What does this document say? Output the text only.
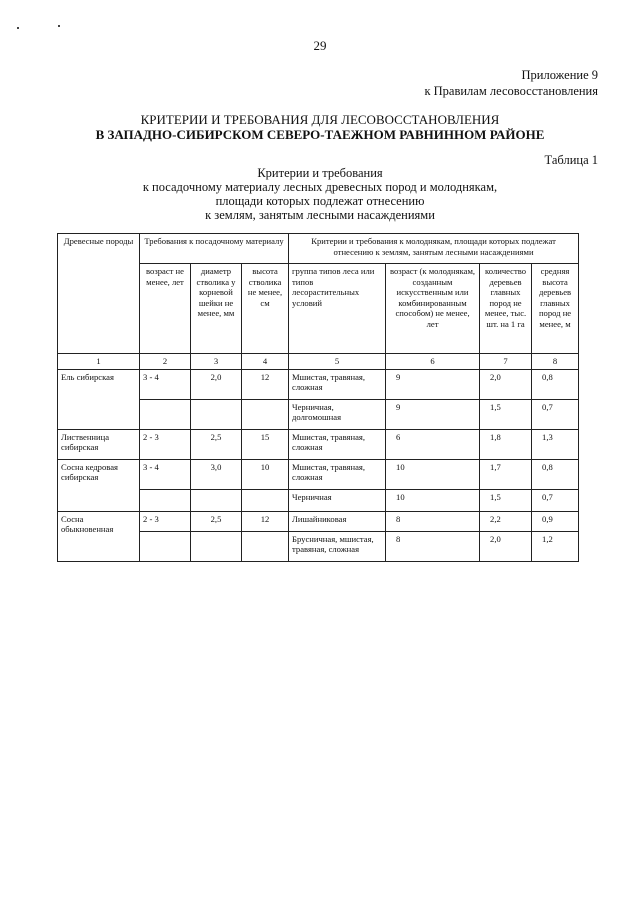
29
Приложение 9
к Правилам лесовосстановления
КРИТЕРИИ И ТРЕБОВАНИЯ ДЛЯ ЛЕСОВОССТАНОВЛЕНИЯ
В ЗАПАДНО-СИБИРСКОМ СЕВЕРО-ТАЕЖНОМ РАВНИННОМ РАЙОНЕ
Таблица 1
Критерии и требования
к посадочному материалу лесных древесных пород и молоднякам,
площади которых подлежат отнесению
к землям, занятым лесными насаждениями
Древесные породы	Требования к посадочному материалу			Критерии и требования к молоднякам, площади которых подлежат отнесению к землям, занятым лесными насаждениями			
	возраст не менее, лет	диаметр стволика у корневой шейки не менее, мм	высота стволика не менее, см	группа типов леса или типов лесорастительных условий	возраст (к молоднякам, созданным искусственным или комбинированным способом) не менее, лет	количество деревьев главных пород не менее, тыс. шт. на 1 га	средняя высота деревьев главных пород не менее, м
1	2	3	4	5	6	7	8
Ель сибирская	3 - 4	2,0	12	Мшистая, травяная, сложная	9	2,0	0,8
				Черничная, долгомошная	9	1,5	0,7
Лиственница сибирская	2 - 3	2,5	15	Мшистая, травяная, сложная	6	1,8	1,3
Сосна кедровая сибирская	3 - 4	3,0	10	Мшистая, травяная, сложная	10	1,7	0,8
				Черничная	10	1,5	0,7
Сосна обыкновенная	2 - 3	2,5	12	Лишайниковая	8	2,2	0,9
				Брусничная, мшистая, травяная, сложная	8	2,0	1,2
